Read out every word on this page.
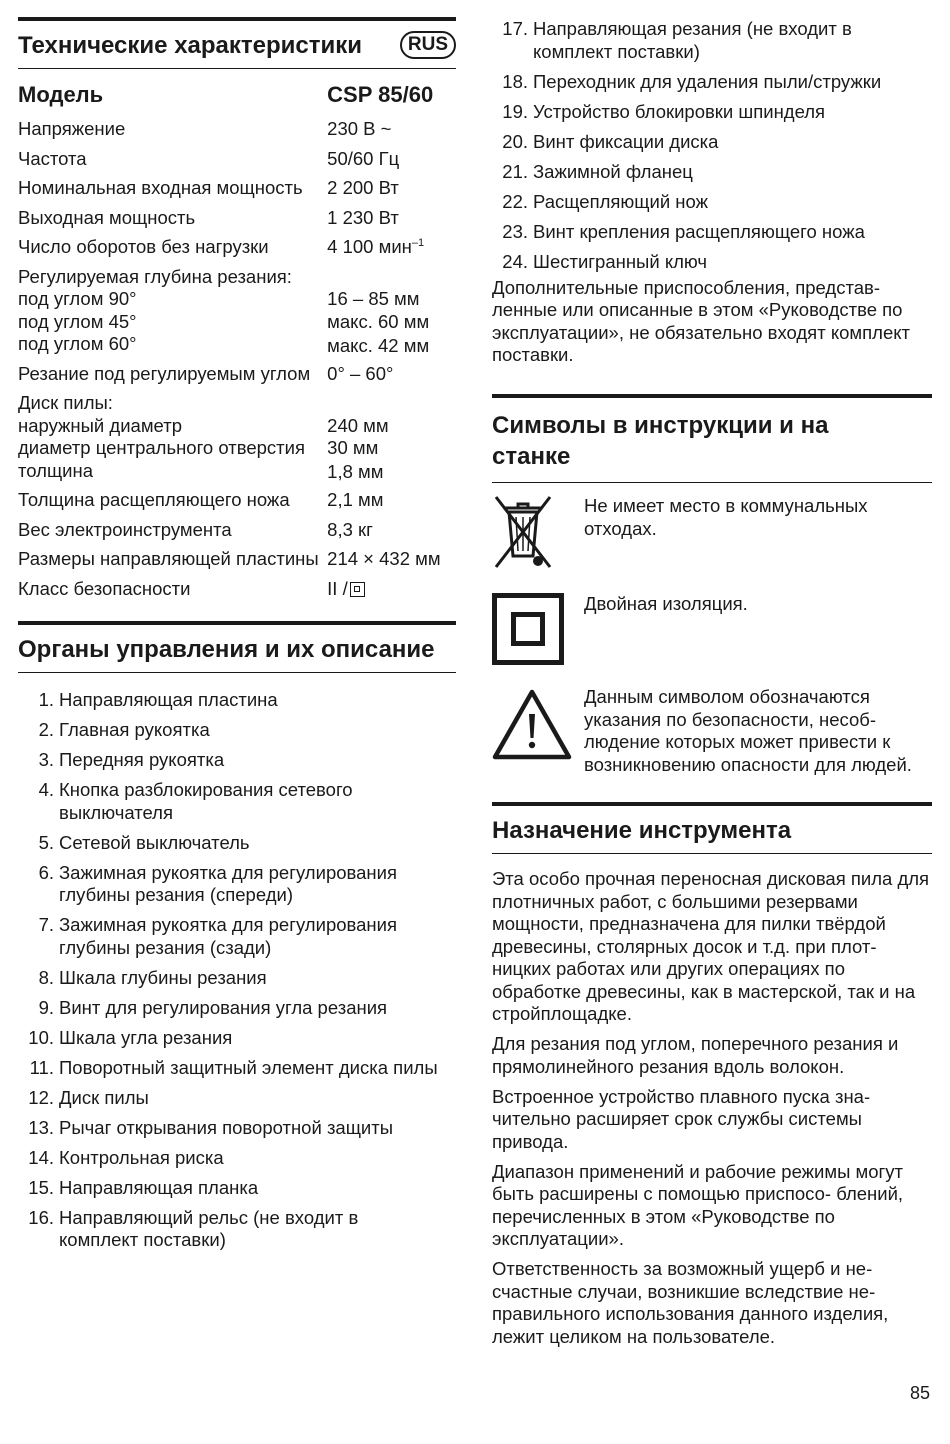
Технические характеристики	RUS
Модель	CSP 85/60
Напряжение	230 В ~
Частота	50/60 Гц
Номинальная входная мощность	2 200 Вт
Выходная мощность	1 230 Вт
Число оборотов без нагрузки	4 100 мин$^{-1}$
Регулируемая глубина резания:	
под углом 90°	16 – 85 мм
под углом 45°	макс. 60 мм
под углом 60°	макс. 42 мм
Резание под регулируемым углом	0° – 60°
Диск пилы:	
наружный диаметр	240 мм
диаметр центрального отверстия	30 мм
толщина	1,8 мм
Толщина расщепляющего ножа	2,1 мм
Вес электроинструмента	8,3 кг
Размеры направляющей пластины	214 × 432 мм
Класс безопасности	II /
Органы управления и их описание
1. Направляющая пластина
2. Главная рукоятка
3. Передняя рукоятка
4. Кнопка разблокирования сетевого выключателя
5. Сетевой выключатель
6. Зажимная рукоятка для регулирования глубины резания (спереди)
7. Зажимная рукоятка для регулирования глубины резания (сзади)
8. Шкала глубины резания
9. Винт для регулирования угла резания
10. Шкала угла резания
11. Поворотный защитный элемент диска пилы
12. Диск пилы
13. Рычаг открывания поворотной защиты
14. Контрольная риска
15. Направляющая планка
16. Направляющий рельс (не входит в комплект поставки)
17. Направляющая резания (не входит в комплект поставки)
18. Переходник для удаления пыли/стружки
19. Устройство блокировки шпинделя
20. Винт фиксации диска
21. Зажимной фланец
22. Расщепляющий нож
23. Винт крепления расщепляющего ножа
24. Шестигранный ключ

Дополнительные приспособления, представ- ленные или описанные в этом «Руководстве по эксплуатации», не обязательно входят комплект поставки.

Символы в инструкции и на станке
Не имеет место в коммунальных отходах.
Двойная изоляция.
Данным символом обозначаются указания по безопасности, несоб- людение которых может привести к возникновению опасности для людей.
Назначение инструмента

Эта особо прочная переносная дисковая пила для плотничных работ, с большими резервами мощности, предназначена для пилки твёрдой древесины, столярных досок и т.д. при плот- ницких работах или других операциях по обработке древесины, как в мастерской, так и на стройплощадке.

Для резания под углом, поперечного резания и прямолинейного резания вдоль волокон.

Встроенное устройство плавного пуска зна- чительно расширяет срок службы системы привода.

Диапазон применений и рабочие режимы могут быть расширены с помощью приспосо- блений, перечисленных в этом «Руководстве по эксплуатации».

Ответственность за возможный ущерб и не- счастные случаи, возникшие вследствие не- правильного использования данного изделия, лежит целиком на пользователе.

85
